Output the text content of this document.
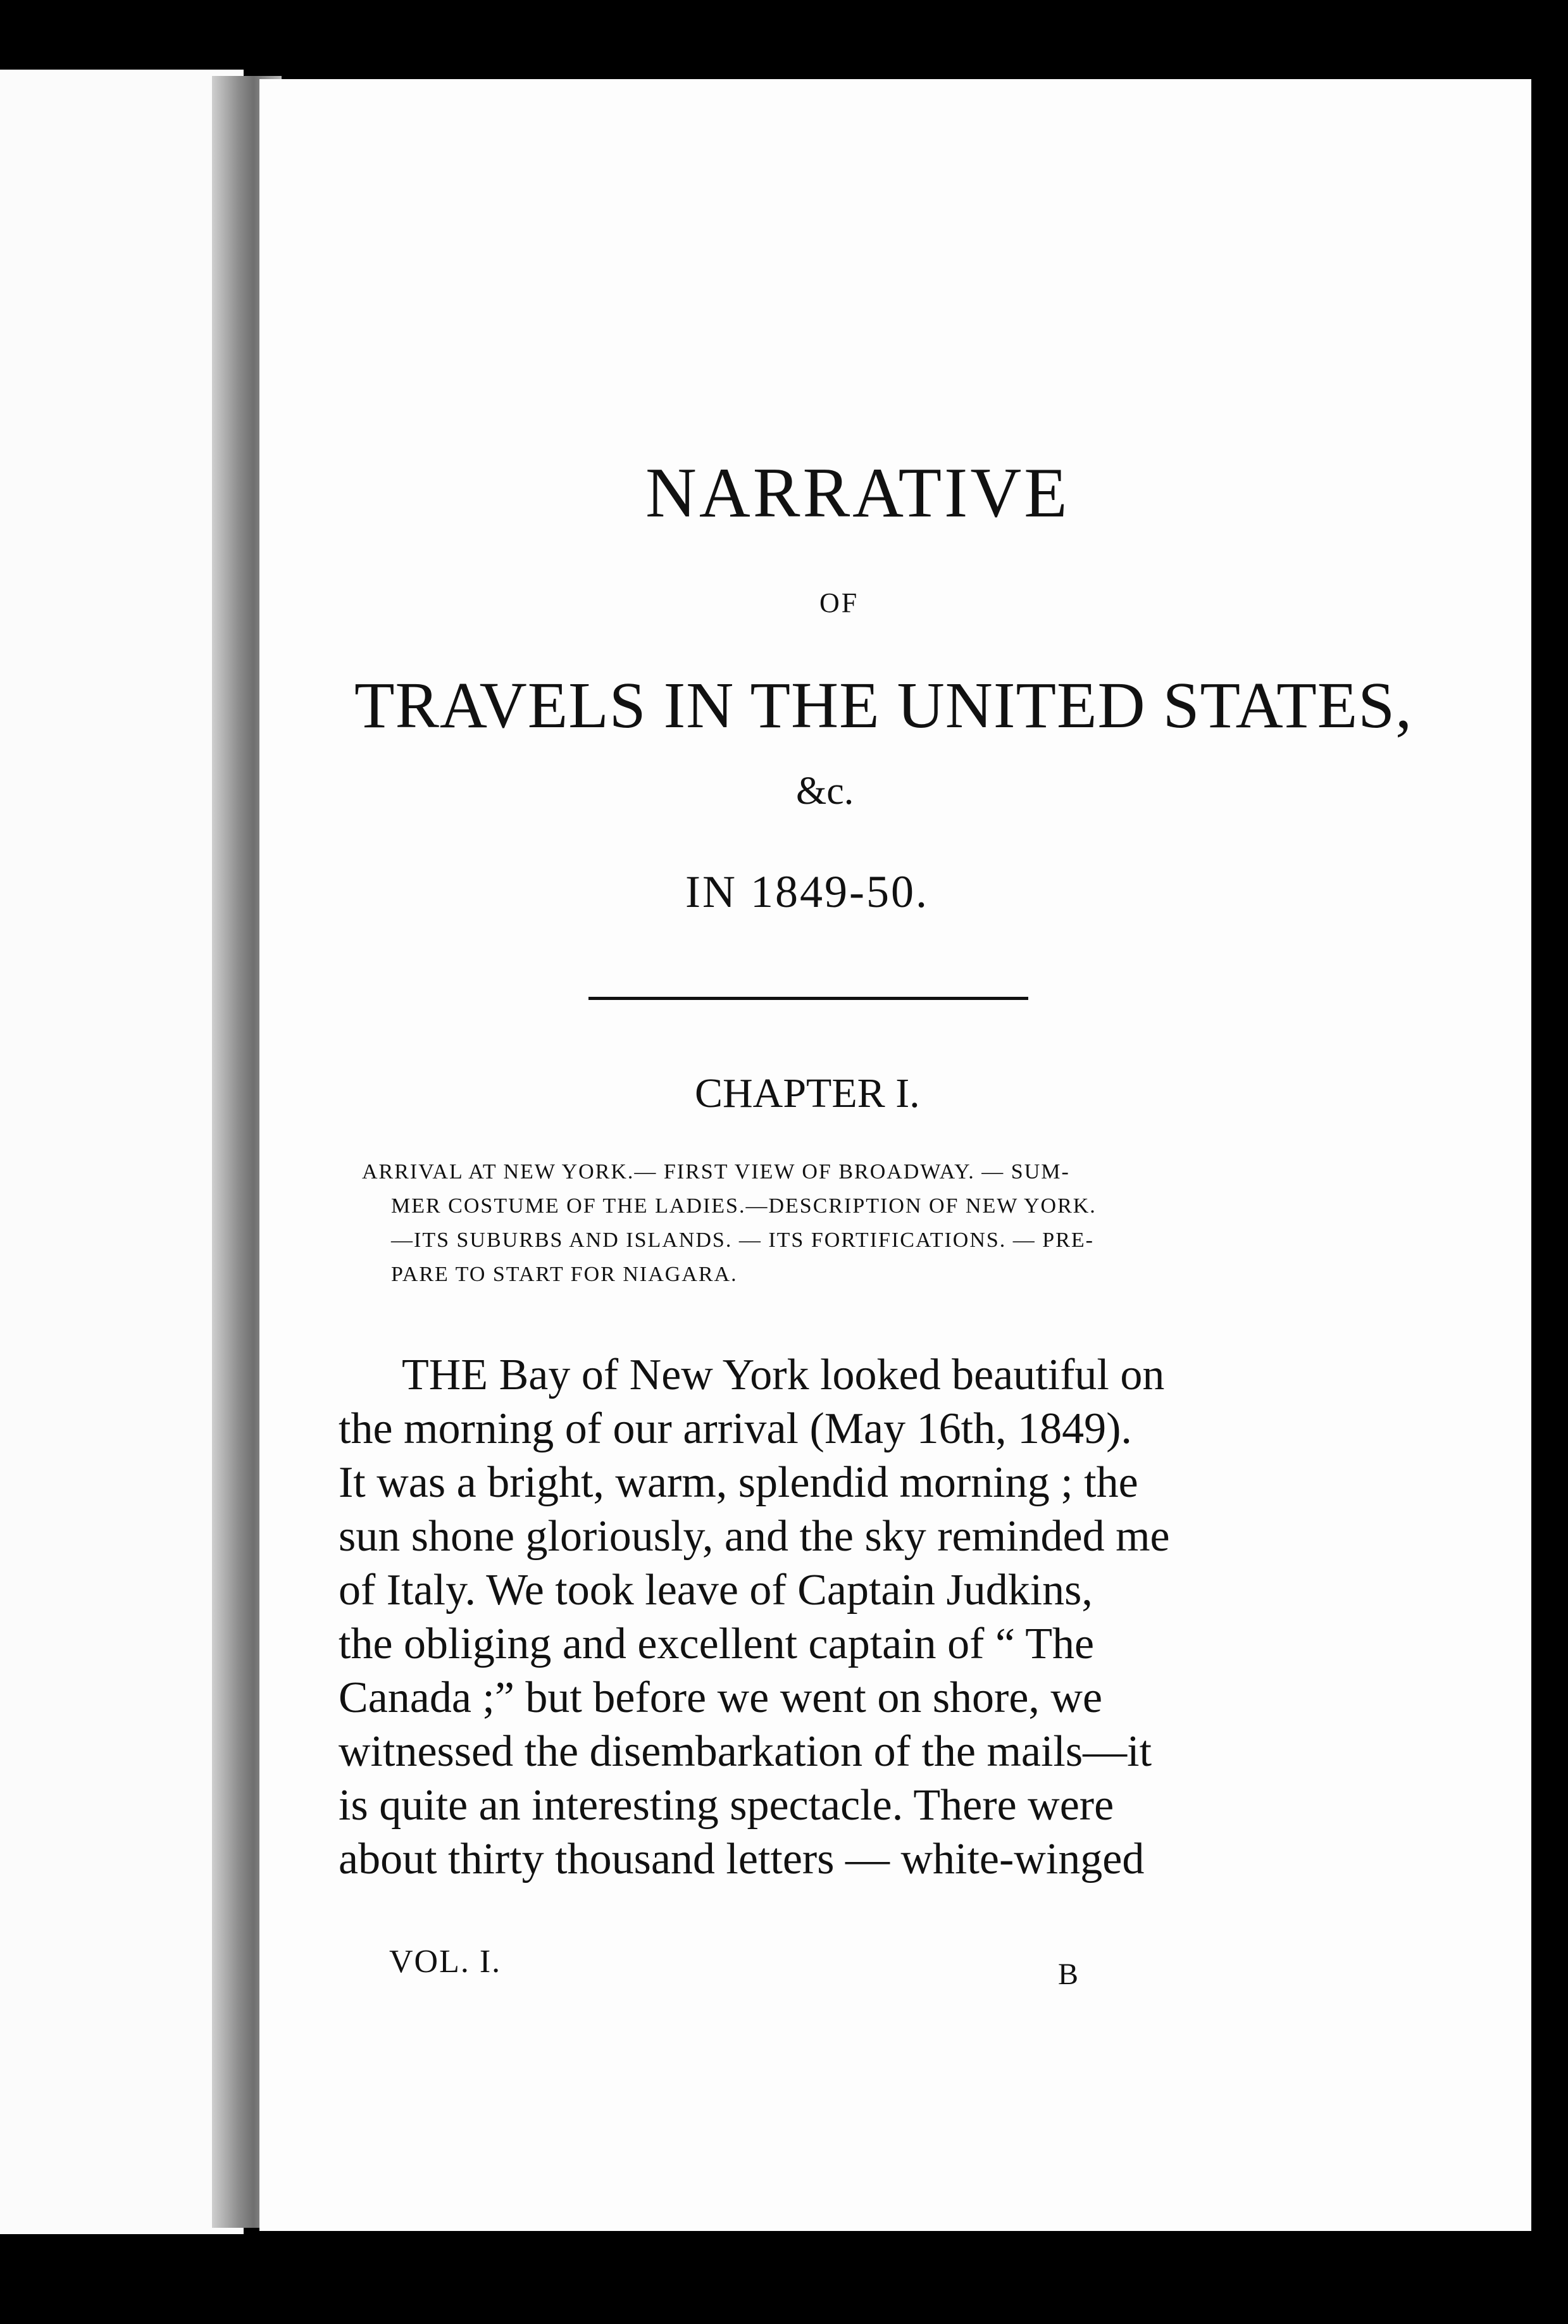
NARRATIVE
OF
TRAVELS IN THE UNITED STATES,
&c.
IN 1849-50.
CHAPTER I.
ARRIVAL AT NEW YORK.— FIRST VIEW OF BROADWAY. — SUM-
MER COSTUME OF THE LADIES.—DESCRIPTION OF NEW YORK.
—ITS SUBURBS AND ISLANDS. — ITS FORTIFICATIONS. — PRE-
PARE TO START FOR NIAGARA.
THE Bay of New York looked beautiful on
the morning of our arrival (May 16th, 1849).
It was a bright, warm, splendid morning ; the
sun shone gloriously, and the sky reminded me
of Italy. We took leave of Captain Judkins,
the obliging and excellent captain of “ The
Canada ;” but before we went on shore, we
witnessed the disembarkation of the mails—it
is quite an interesting spectacle. There were
about thirty thousand letters — white-winged
VOL. I.	B
